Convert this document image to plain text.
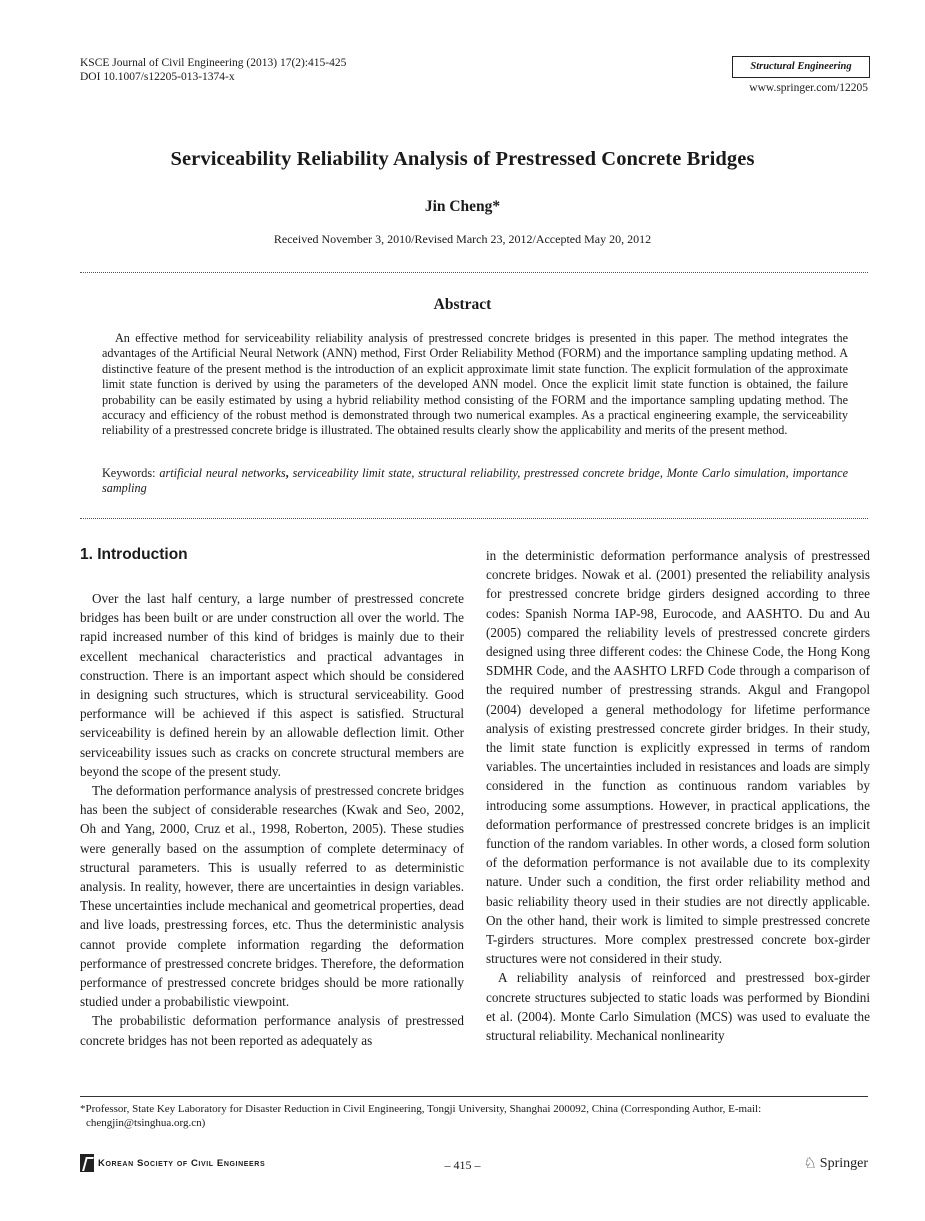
KSCE Journal of Civil Engineering (2013) 17(2):415-425
DOI 10.1007/s12205-013-1374-x
Structural Engineering
www.springer.com/12205
Serviceability Reliability Analysis of Prestressed Concrete Bridges
Jin Cheng*
Received November 3, 2010/Revised March 23, 2012/Accepted May 20, 2012
Abstract
An effective method for serviceability reliability analysis of prestressed concrete bridges is presented in this paper. The method integrates the advantages of the Artificial Neural Network (ANN) method, First Order Reliability Method (FORM) and the importance sampling updating method. A distinctive feature of the present method is the introduction of an explicit approximate limit state function. The explicit formulation of the approximate limit state function is derived by using the parameters of the developed ANN model. Once the explicit limit state function is obtained, the failure probability can be easily estimated by using a hybrid reliability method consisting of the FORM and the importance sampling updating method. The accuracy and efficiency of the robust method is demonstrated through two numerical examples. As a practical engineering example, the serviceability reliability of a prestressed concrete bridge is illustrated. The obtained results clearly show the applicability and merits of the present method.
Keywords: artificial neural networks, serviceability limit state, structural reliability, prestressed concrete bridge, Monte Carlo simulation, importance sampling
1. Introduction

Over the last half century, a large number of prestressed concrete bridges has been built or are under construction all over the world. The rapid increased number of this kind of bridges is mainly due to their excellent mechanical characteristics and practical advantages in construction. There is an important aspect which should be considered in designing such structures, which is structural serviceability. Good performance will be achieved if this aspect is satisfied. Structural serviceability is defined herein by an allowable deflection limit. Other serviceability issues such as cracks on concrete structural members are beyond the scope of the present study.

The deformation performance analysis of prestressed concrete bridges has been the subject of considerable researches (Kwak and Seo, 2002, Oh and Yang, 2000, Cruz et al., 1998, Roberton, 2005). These studies were generally based on the assumption of complete determinacy of structural parameters. This is usually referred to as deterministic analysis. In reality, however, there are uncertainties in design variables. These uncertainties include mechanical and geometrical properties, dead and live loads, prestressing forces, etc. Thus the deterministic analysis cannot provide complete information regarding the deformation performance of prestressed concrete bridges. Therefore, the deformation performance of prestressed concrete bridges should be more rationally studied under a probabilistic viewpoint.

The probabilistic deformation performance analysis of prestressed concrete bridges has not been reported as adequately as

in the deterministic deformation performance analysis of prestressed concrete bridges. Nowak et al. (2001) presented the reliability analysis for prestressed concrete bridge girders designed according to three codes: Spanish Norma IAP-98, Eurocode, and AASHTO. Du and Au (2005) compared the reliability levels of prestressed concrete girders designed using three different codes: the Chinese Code, the Hong Kong SDMHR Code, and the AASHTO LRFD Code through a comparison of the required number of prestressing strands. Akgul and Frangopol (2004) developed a general methodology for lifetime performance analysis of existing prestressed concrete girder bridges. In their study, the limit state function is explicitly expressed in terms of random variables. The uncertainties included in resistances and loads are simply considered in the function as continuous random variables by introducing some assumptions. However, in practical applications, the deformation performance of prestressed concrete bridges is an implicit function of the random variables. In other words, a closed form solution of the deformation performance is not available due to its complexity nature. Under such a condition, the first order reliability method and basic reliability theory used in their studies are not directly applicable. On the other hand, their work is limited to simple prestressed concrete T-girders structures. More complex prestressed concrete box-girder structures were not considered in their study.

A reliability analysis of reinforced and prestressed box-girder concrete structures subjected to static loads was performed by Biondini et al. (2004). Monte Carlo Simulation (MCS) was used to evaluate the structural reliability. Mechanical nonlinearity

*Professor, State Key Laboratory for Disaster Reduction in Civil Engineering, Tongji University, Shanghai 200092, China (Corresponding Author, E-mail:
chengjin@tsinghua.org.cn)
Korean Society of Civil Engineers	– 415 –	♘ Springer
